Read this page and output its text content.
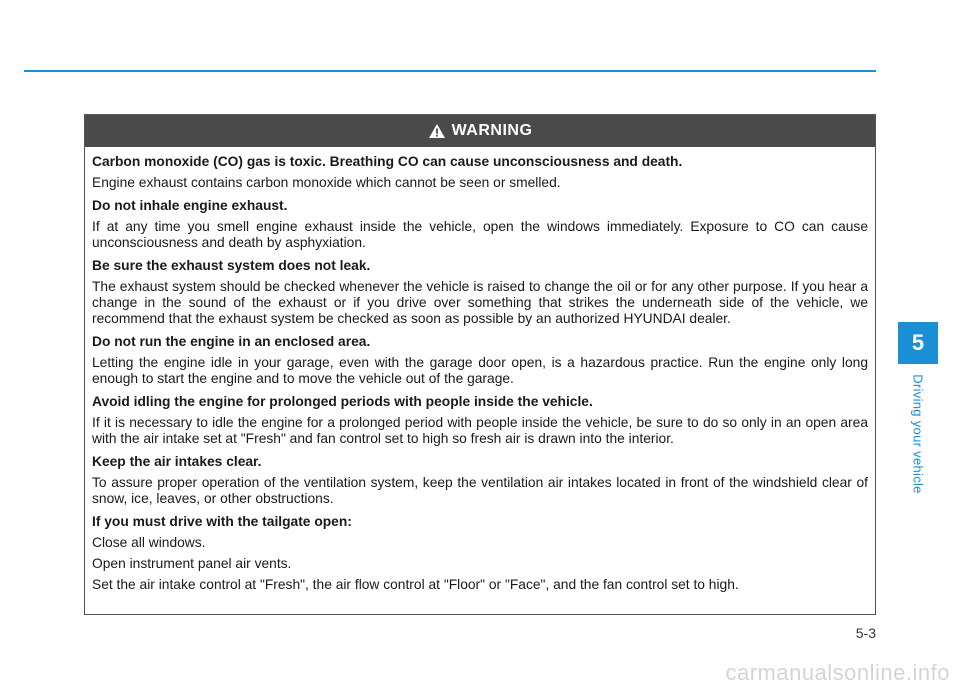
WARNING
Carbon monoxide (CO) gas is toxic. Breathing CO can cause unconsciousness and death.
Engine exhaust contains carbon monoxide which cannot be seen or smelled.
Do not inhale engine exhaust.
If at any time you smell engine exhaust inside the vehicle, open the windows immediately. Exposure to CO can cause unconsciousness and death by asphyxiation.
Be sure the exhaust system does not leak.
The exhaust system should be checked whenever the vehicle is raised to change the oil or for any other purpose. If you hear a change in the sound of the exhaust or if you drive over something that strikes the underneath side of the vehicle, we recommend that the exhaust system be checked as soon as possible by an authorized HYUNDAI dealer.
Do not run the engine in an enclosed area.
Letting the engine idle in your garage, even with the garage door open, is a hazardous practice. Run the engine only long enough to start the engine and to move the vehicle out of the garage.
Avoid idling the engine for prolonged periods with people inside the vehicle.
If it is necessary to idle the engine for a prolonged period with people inside the vehicle, be sure to do so only in an open area with the air intake set at "Fresh" and fan control set to high so fresh air is drawn into the interior.
Keep the air intakes clear.
To assure proper operation of the ventilation system, keep the ventilation air intakes located in front of the windshield clear of snow, ice, leaves, or other obstructions.
If you must drive with the tailgate open:
Close all windows.
Open instrument panel air vents.
Set the air intake control at "Fresh", the air flow control at "Floor" or "Face", and the fan control set to high.
5
Driving your vehicle
5-3
carmanualsonline.info
